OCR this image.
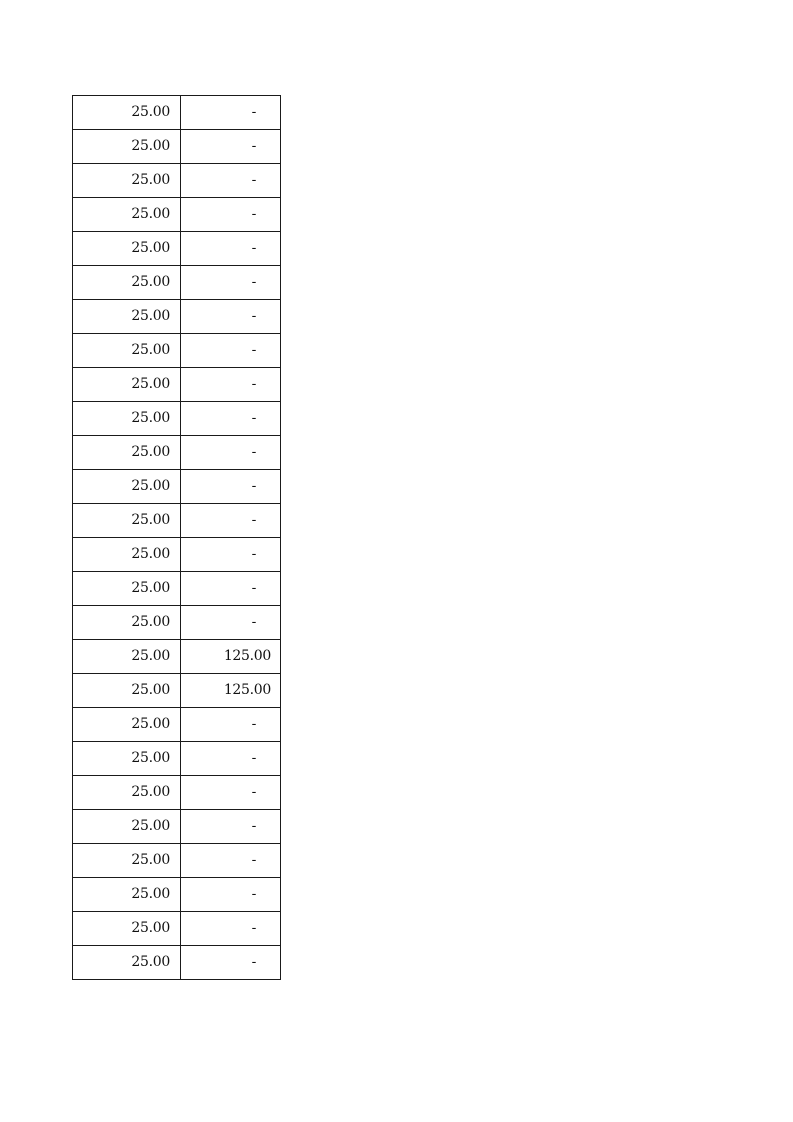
25.00	-
25.00	-
25.00	-
25.00	-
25.00	-
25.00	-
25.00	-
25.00	-
25.00	-
25.00	-
25.00	-
25.00	-
25.00	-
25.00	-
25.00	-
25.00	-
25.00	125.00
25.00	125.00
25.00	-
25.00	-
25.00	-
25.00	-
25.00	-
25.00	-
25.00	-
25.00	-
